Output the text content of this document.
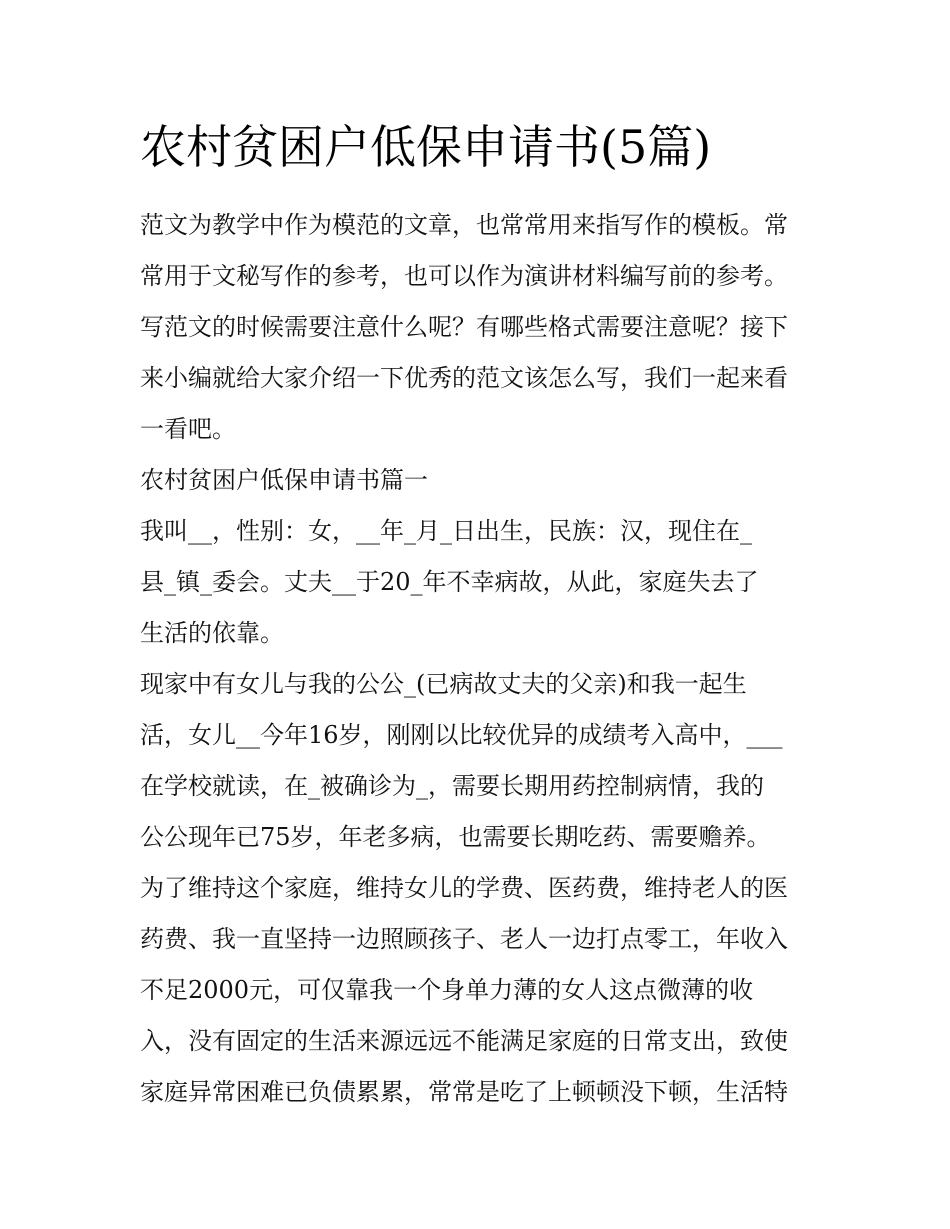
农村贫困户低保申请书(5篇)
范文为教学中作为模范的文章，也常常用来指写作的模板。常
常用于文秘写作的参考，也可以作为演讲材料编写前的参考。
写范文的时候需要注意什么呢？有哪些格式需要注意呢？接下
来小编就给大家介绍一下优秀的范文该怎么写，我们一起来看
一看吧。
农村贫困户低保申请书篇一
我叫__，性别：女，__年_月_日出生，民族：汉，现住在_
县_镇_委会。丈夫__于20_年不幸病故，从此，家庭失去了
生活的依靠。
现家中有女儿与我的公公_(已病故丈夫的父亲)和我一起生
活，女儿__今年16岁，刚刚以比较优异的成绩考入高中，___
在学校就读，在_被确诊为_，需要长期用药控制病情，我的
公公现年已75岁，年老多病，也需要长期吃药、需要赡养。
为了维持这个家庭，维持女儿的学费、医药费，维持老人的医
药费、我一直坚持一边照顾孩子、老人一边打点零工，年收入
不足2000元，可仅靠我一个身单力薄的女人这点微薄的收
入，没有固定的生活来源远远不能满足家庭的日常支出，致使
家庭异常困难已负债累累，常常是吃了上顿顿没下顿，生活特
